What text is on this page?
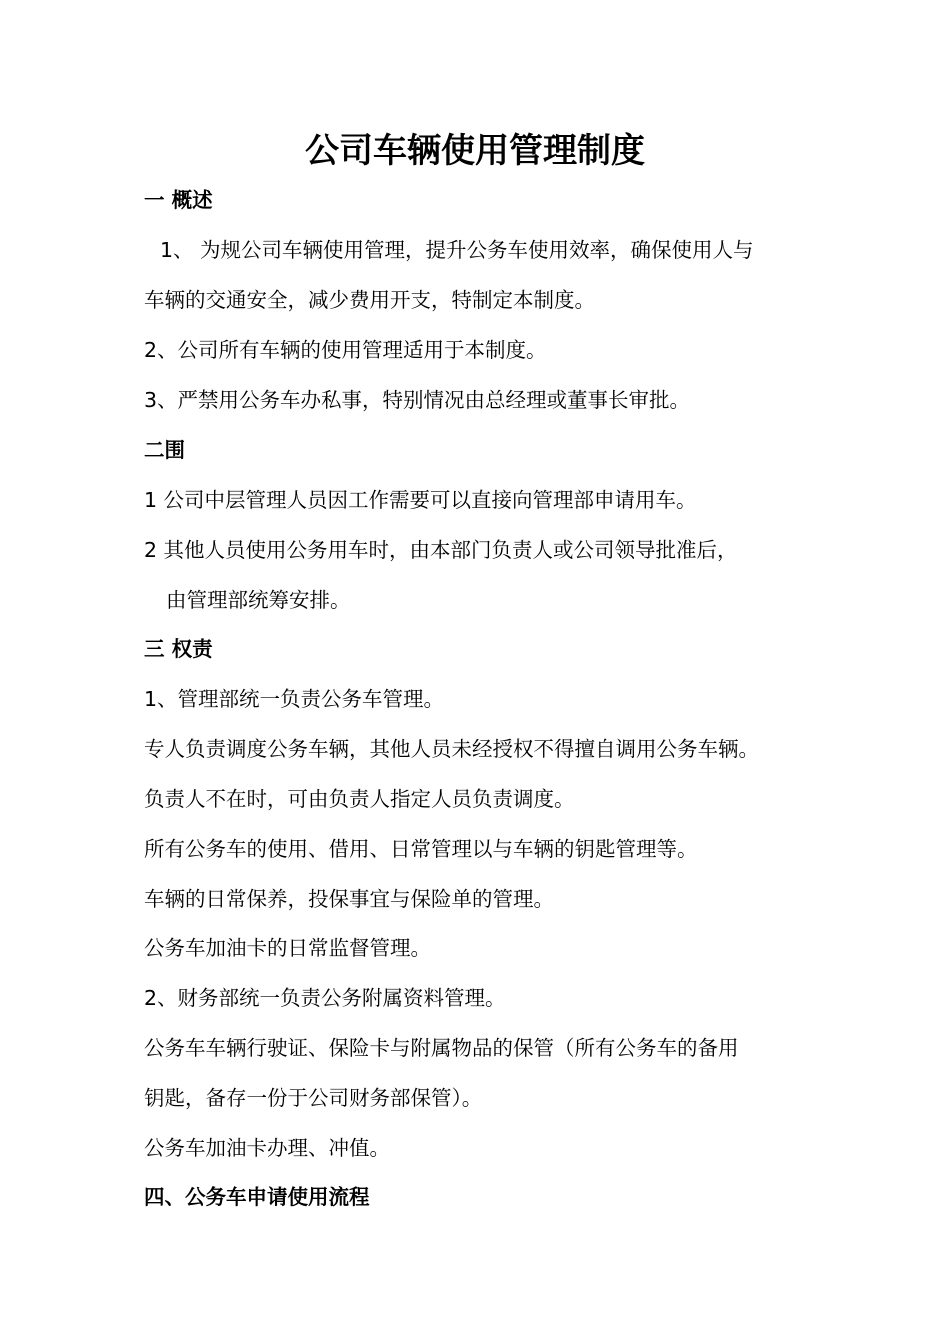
公司车辆使用管理制度
一 概述
1、 为规公司车辆使用管理，提升公务车使用效率，确保使用人与
车辆的交通安全，减少费用开支，特制定本制度。
2、公司所有车辆的使用管理适用于本制度。
3、严禁用公务车办私事，特别情况由总经理或董事长审批。
二围
1 公司中层管理人员因工作需要可以直接向管理部申请用车。
2 其他人员使用公务用车时，由本部门负责人或公司领导批准后，
由管理部统筹安排。
三 权责
1、管理部统一负责公务车管理。
专人负责调度公务车辆，其他人员未经授权不得擅自调用公务车辆。
负责人不在时，可由负责人指定人员负责调度。
所有公务车的使用、借用、日常管理以与车辆的钥匙管理等。
车辆的日常保养，投保事宜与保险单的管理。
公务车加油卡的日常监督管理。
2、财务部统一负责公务附属资料管理。
公务车车辆行驶证、保险卡与附属物品的保管（所有公务车的备用
钥匙，备存一份于公司财务部保管）。
公务车加油卡办理、冲值。
四、公务车申请使用流程
